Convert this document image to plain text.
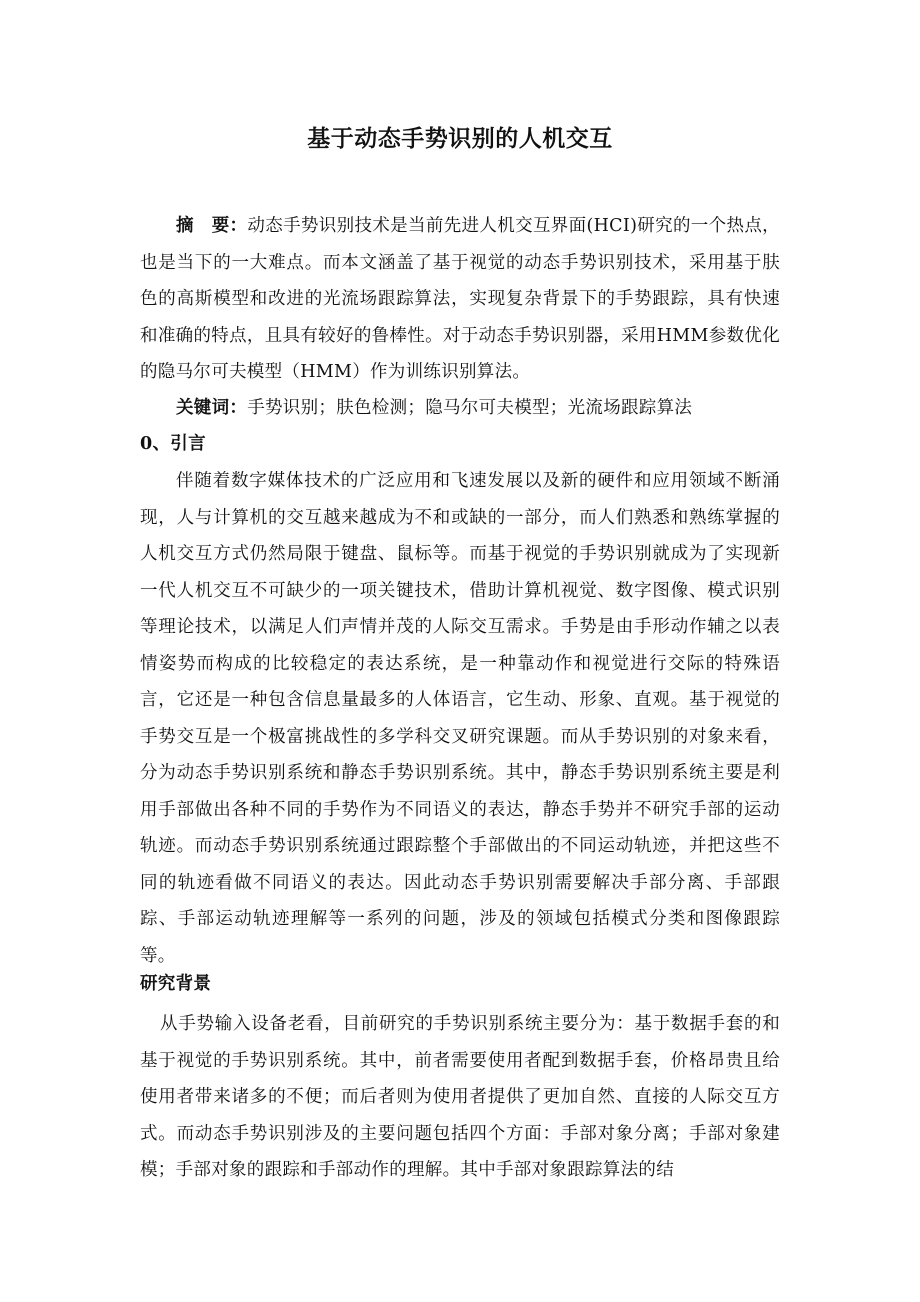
基于动态手势识别的人机交互
摘　要：动态手势识别技术是当前先进人机交互界面(HCI)研究的一个热点，也是当下的一大难点。而本文涵盖了基于视觉的动态手势识别技术，采用基于肤色的高斯模型和改进的光流场跟踪算法，实现复杂背景下的手势跟踪，具有快速和准确的特点，且具有较好的鲁棒性。对于动态手势识别器，采用HMM参数优化的隐马尔可夫模型（HMM）作为训练识别算法。
关键词：手势识别；肤色检测；隐马尔可夫模型；光流场跟踪算法
0、引言
伴随着数字媒体技术的广泛应用和飞速发展以及新的硬件和应用领域不断涌现，人与计算机的交互越来越成为不和或缺的一部分，而人们熟悉和熟练掌握的人机交互方式仍然局限于键盘、鼠标等。而基于视觉的手势识别就成为了实现新一代人机交互不可缺少的一项关键技术，借助计算机视觉、数字图像、模式识别等理论技术，以满足人们声情并茂的人际交互需求。手势是由手形动作辅之以表情姿势而构成的比较稳定的表达系统，是一种靠动作和视觉进行交际的特殊语言，它还是一种包含信息量最多的人体语言，它生动、形象、直观。基于视觉的手势交互是一个极富挑战性的多学科交叉研究课题。而从手势识别的对象来看，分为动态手势识别系统和静态手势识别系统。其中，静态手势识别系统主要是利用手部做出各种不同的手势作为不同语义的表达，静态手势并不研究手部的运动轨迹。而动态手势识别系统通过跟踪整个手部做出的不同运动轨迹，并把这些不同的轨迹看做不同语义的表达。因此动态手势识别需要解决手部分离、手部跟踪、手部运动轨迹理解等一系列的问题，涉及的领域包括模式分类和图像跟踪等。
研究背景
从手势输入设备老看，目前研究的手势识别系统主要分为：基于数据手套的和基于视觉的手势识别系统。其中，前者需要使用者配到数据手套，价格昂贵且给使用者带来诸多的不便；而后者则为使用者提供了更加自然、直接的人际交互方式。而动态手势识别涉及的主要问题包括四个方面：手部对象分离；手部对象建模；手部对象的跟踪和手部动作的理解。其中手部对象跟踪算法的结
